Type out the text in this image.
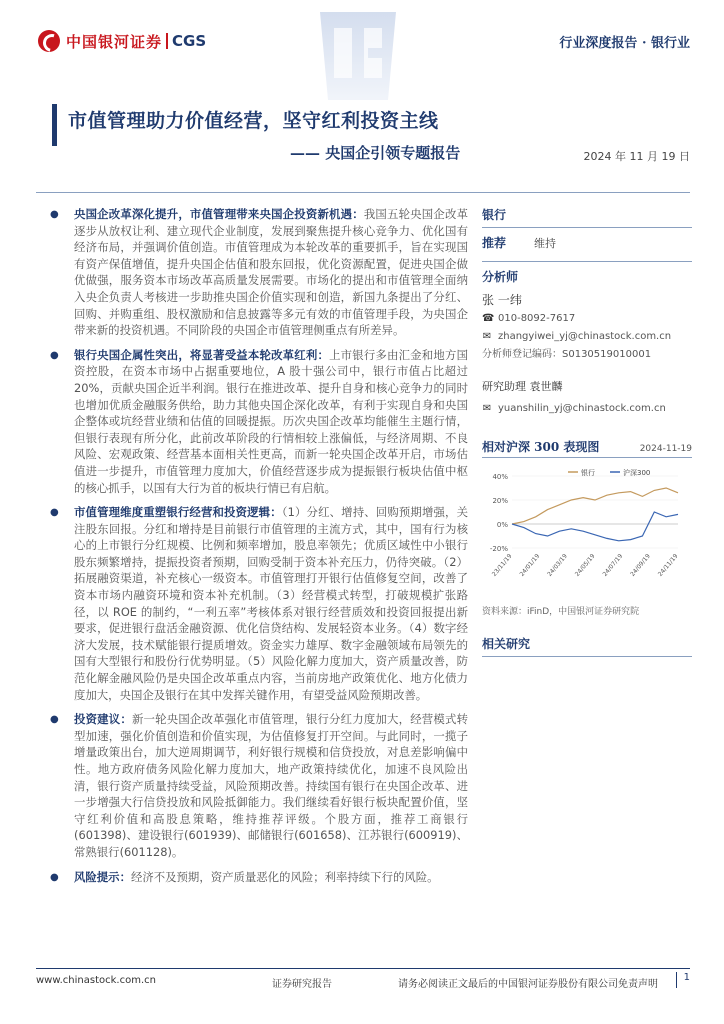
中国银河证券 CGS	行业深度报告 · 银行业
市值管理助力价值经营，坚守红利投资主线
—— 央国企引领专题报告	2024 年 11 月 19 日
● 央国企改革深化提升，市值管理带来央国企投资新机遇：我国五轮央国企改革逐步从放权让利、建立现代企业制度，发展到聚焦提升核心竞争力、优化国有经济布局，并强调价值创造。市值管理成为本轮改革的重要抓手，旨在实现国有资产保值增值，提升央国企估值和股东回报，优化资源配置，促进央国企做优做强，服务资本市场改革高质量发展需要。市场化的提出和市值管理全面纳入央企负责人考核进一步助推央国企价值实现和创造，新国九条提出了分红、回购、并购重组、股权激励和信息披露等多元有效的市值管理手段，为央国企带来新的投资机遇。不同阶段的央国企市值管理侧重点有所差异。
● 银行央国企属性突出，将显著受益本轮改革红利：上市银行多由汇金和地方国资控股，在资本市场中占据重要地位，A 股十强公司中，银行市值占比超过 20%，贡献央国企近半利润。银行在推进改革、提升自身和核心竞争力的同时也增加优质金融服务供给，助力其他央国企深化改革，有利于实现自身和央国企整体或坑经营业绩和估值的回暖提振。历次央国企改革均能催生主题行情，但银行表现有所分化，此前改革阶段的行情相较上涨偏低，与经济周期、不良风险、宏观政策、经营基本面相关性更高，而新一轮央国企改革开启，市场估值进一步提升，市值管理力度加大，价值经营逐步成为提振银行板块估值中枢的核心抓手，以国有大行为首的板块行情已有启航。
● 市值管理维度重塑银行经营和投资逻辑：（1）分红、增持、回购预期增强，关注股东回报。分红和增持是目前银行市值管理的主流方式，其中，国有行为核心的上市银行分红规模、比例和频率增加，股息率领先；优质区域性中小银行股东频繁增持，提振投资者预期，回购受制于资本补充压力，仍待突破。（2）拓展融资渠道，补充核心一级资本。市值管理打开银行估值修复空间，改善了资本市场内融资环境和资本补充机制。（3）经营模式转型，打破规模扩张路径，以 ROE 的制约，“一利五率”考核体系对银行经营质效和投资回报提出新要求，促进银行盘活金融资源、优化信贷结构、发展轻资本业务。（4）数字经济大发展，技术赋能银行提质增效。资金实力雄厚、数字金融领域布局领先的国有大型银行和股份行优势明显。（5）风险化解力度加大，资产质量改善，防范化解金融风险仍是央国企改革重点内容，当前房地产政策优化、地方化债力度加大，央国企及银行在其中发挥关键作用，有望受益风险预期改善。
● 投资建议：新一轮央国企改革强化市值管理，银行分红力度加大，经营模式转型加速，强化价值创造和价值实现，为估值修复打开空间。与此同时，一揽子增量政策出台，加大逆周期调节，利好银行规模和信贷投放，对息差影响偏中性。地方政府债务风险化解力度加大，地产政策持续优化，加速不良风险出清，银行资产质量持续受益，风险预期改善。持续国有银行在央国企改革、进一步增强大行信贷投放和风险抵御能力。我们继续看好银行板块配置价值，坚守红利价值和高股息策略，维持推荐评级。个股方面，推荐工商银行(601398)、建设银行(601939)、邮储银行(601658)、江苏银行(600919)、常熟银行(601128)。
● 风险提示：经济不及预期，资产质量恶化的风险；利率持续下行的风险。
银行
推荐	维持
分析师
张 一纬
☎ 010-8092-7617
✉ zhangyiwei_yj@chinastock.com.cn
分析师登记编码：S0130519010001
研究助理 袁世麟
✉ yuanshilin_yj@chinastock.com.cn
相对沪深 300 表现图	2024-11-19
40%
20%
0%
-20%
23/11/19 24/01/19 24/03/19 24/05/19 24/07/19 24/09/19 24/11/19
银行	沪深300
资料来源：iFinD，中国银河证券研究院
相关研究
www.chinastock.com.cn	证券研究报告	请务必阅读正文最后的中国银河证券股份有限公司免责声明
1
